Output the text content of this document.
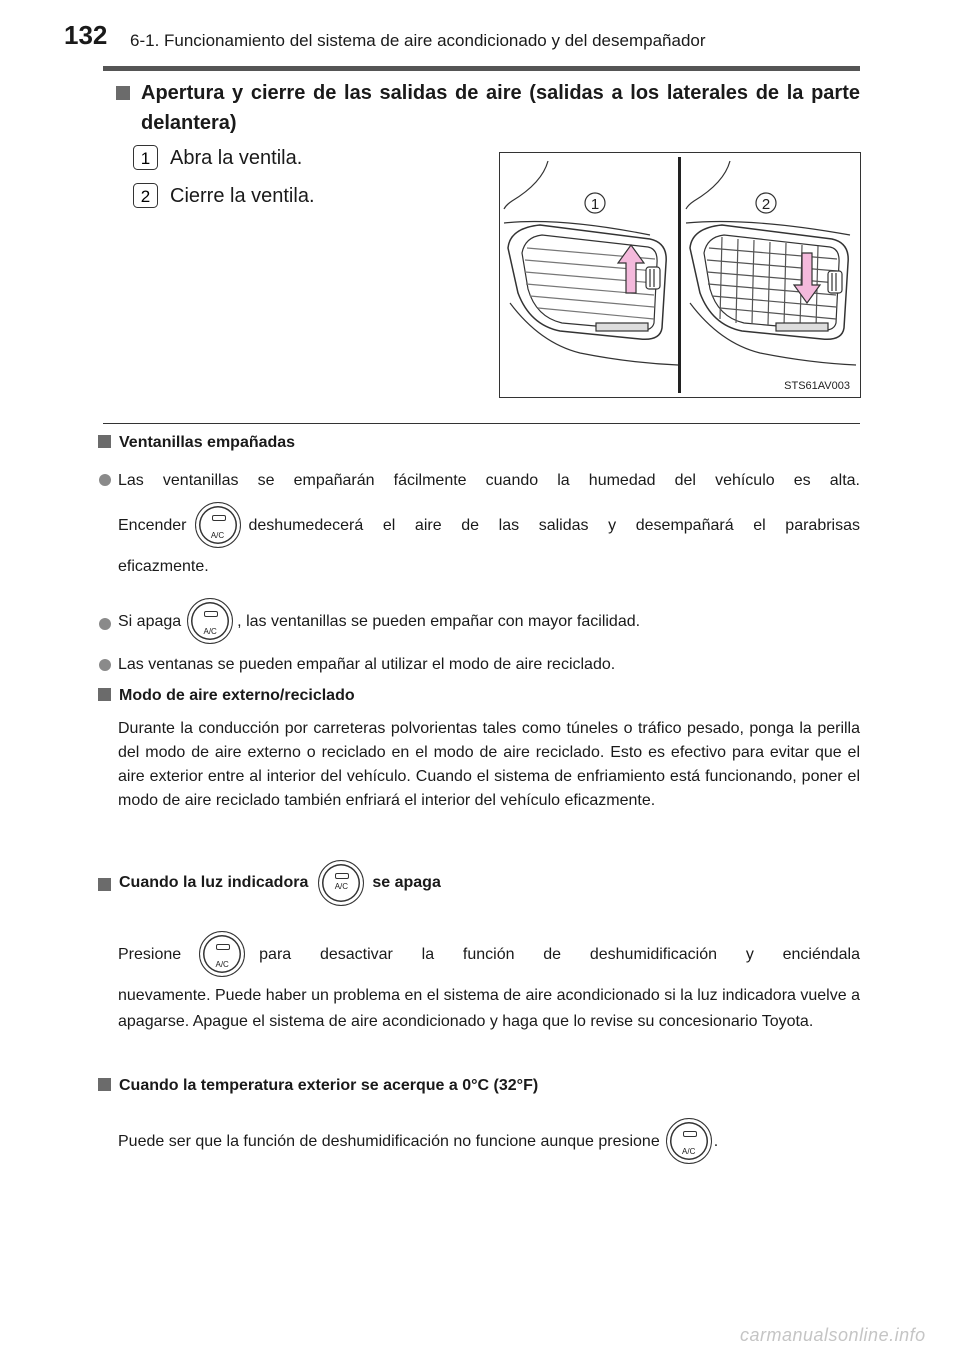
132 6-1. Funcionamiento del sistema de aire acondicionado y del desempañador
Apertura y cierre de las salidas de aire (salidas a los laterales de la parte delantera)
1 Abra la ventila.
2 Cierre la ventila.	1	2
STS61AV003
Ventanillas empañadas
Las ventanillas se empañarán fácilmente cuando la humedad del vehículo es alta.
Encender
A/C
deshumedecerá el aire de las salidas y desempañará el parabrisas
eficazmente.
Si apaga
A/C
, las ventanillas se pueden empañar con mayor facilidad.
Las ventanas se pueden empañar al utilizar el modo de aire reciclado.
Modo de aire externo/reciclado
Durante la conducción por carreteras polvorientas tales como túneles o tráfico pesado, ponga la perilla del modo de aire externo o reciclado en el modo de aire reciclado. Esto es efectivo para evitar que el aire exterior entre al interior del vehículo. Cuando el sistema de enfriamiento está funcionando, poner el modo de aire reciclado también enfriará el interior del vehículo eficazmente.
Cuando la luz indicadora	A/C	se apaga
Presione
A/C
para desactivar la función de deshumidificación y enciéndala
nuevamente. Puede haber un problema en el sistema de aire acondicionado si la luz indicadora vuelve a apagarse. Apague el sistema de aire acondicionado y haga que lo revise su concesionario Toyota.
Cuando la temperatura exterior se acerque a 0°C (32°F)
Puede ser que la función de deshumidificación no funcione aunque presione
A/C
.
carmanualsonline.info
